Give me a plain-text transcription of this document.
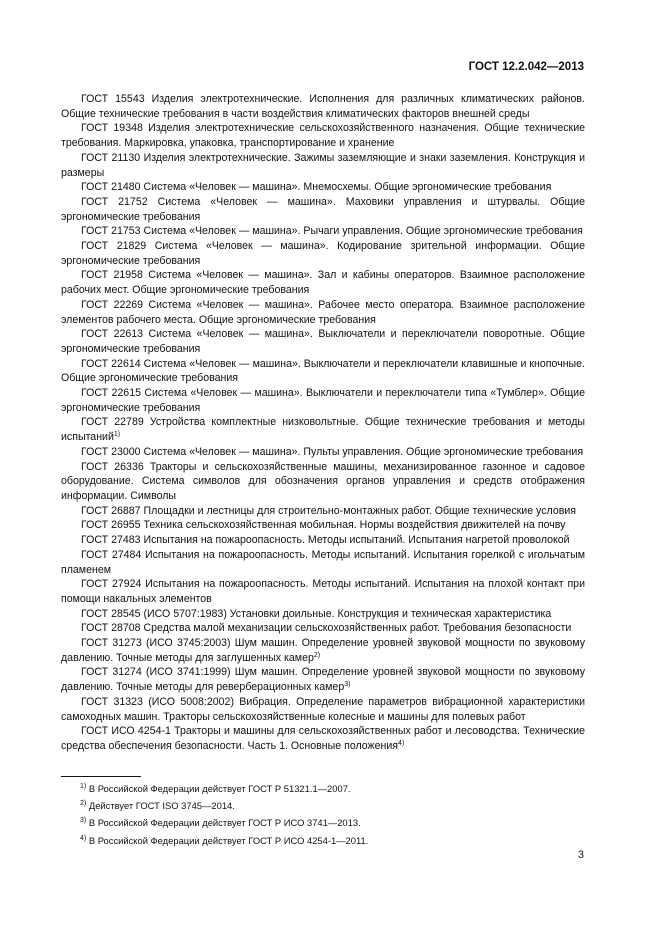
ГОСТ 12.2.042—2013

ГОСТ 15543 Изделия электротехнические. Исполнения для различных климатических районов. Общие технические требования в части воздействия климатических факторов внешней среды

ГОСТ 19348 Изделия электротехнические сельскохозяйственного назначения. Общие технические требования. Маркировка, упаковка, транспортирование и хранение

ГОСТ 21130 Изделия электротехнические. Зажимы заземляющие и знаки заземления. Конструкция и размеры

ГОСТ 21480 Система «Человек — машина». Мнемосхемы. Общие эргономические требования

ГОСТ 21752 Система «Человек — машина». Маховики управления и штурвалы. Общие эргономические требования

ГОСТ 21753 Система «Человек — машина». Рычаги управления. Общие эргономические требования

ГОСТ 21829 Система «Человек — машина». Кодирование зрительной информации. Общие эргономические требования

ГОСТ 21958 Система «Человек — машина». Зал и кабины операторов. Взаимное расположение рабочих мест. Общие эргономические требования

ГОСТ 22269 Система «Человек — машина». Рабочее место оператора. Взаимное расположение элементов рабочего места. Общие эргономические требования

ГОСТ 22613 Система «Человек — машина». Выключатели и переключатели поворотные. Общие эргономические требования

ГОСТ 22614 Система «Человек — машина». Выключатели и переключатели клавишные и кнопочные. Общие эргономические требования

ГОСТ 22615 Система «Человек — машина». Выключатели и переключатели типа «Тумблер». Общие эргономические требования

ГОСТ 22789 Устройства комплектные низковольтные. Общие технические требования и методы испытаний$^{1)}$

ГОСТ 23000 Система «Человек — машина». Пульты управления. Общие эргономические требования

ГОСТ 26336 Тракторы и сельскохозяйственные машины, механизированное газонное и садовое оборудование. Система символов для обозначения органов управления и средств отображения информации. Символы

ГОСТ 26887 Площадки и лестницы для строительно-монтажных работ. Общие технические условия

ГОСТ 26955 Техника сельскохозяйственная мобильная. Нормы воздействия движителей на почву

ГОСТ 27483 Испытания на пожароопасность. Методы испытаний. Испытания нагретой проволокой

ГОСТ 27484 Испытания на пожароопасность. Методы испытаний. Испытания горелкой с игольчатым пламенем

ГОСТ 27924 Испытания на пожароопасность. Методы испытаний. Испытания на плохой контакт при помощи накальных элементов

ГОСТ 28545 (ИСО 5707:1983) Установки доильные. Конструкция и техническая характеристика

ГОСТ 28708 Средства малой механизации сельскохозяйственных работ. Требования безопасности

ГОСТ 31273 (ИСО 3745:2003) Шум машин. Определение уровней звуковой мощности по звуковому давлению. Точные методы для заглушенных камер$^{2)}$

ГОСТ 31274 (ИСО 3741:1999) Шум машин. Определение уровней звуковой мощности по звуковому давлению. Точные методы для реверберационных камер$^{3)}$

ГОСТ 31323 (ИСО 5008:2002) Вибрация. Определение параметров вибрационной характеристики самоходных машин. Тракторы сельскохозяйственные колесные и машины для полевых работ

ГОСТ ИСО 4254-1 Тракторы и машины для сельскохозяйственных работ и лесоводства. Технические средства обеспечения безопасности. Часть 1. Основные положения$^{4)}$

$^{1)}$ В Российской Федерации действует ГОСТ Р 51321.1—2007.

$^{2)}$ Действует ГОСТ ISO 3745—2014.

$^{3)}$ В Российской Федерации действует ГОСТ Р ИСО 3741—2013.

$^{4)}$ В Российской Федерации действует ГОСТ Р ИСО 4254-1—2011.

3
